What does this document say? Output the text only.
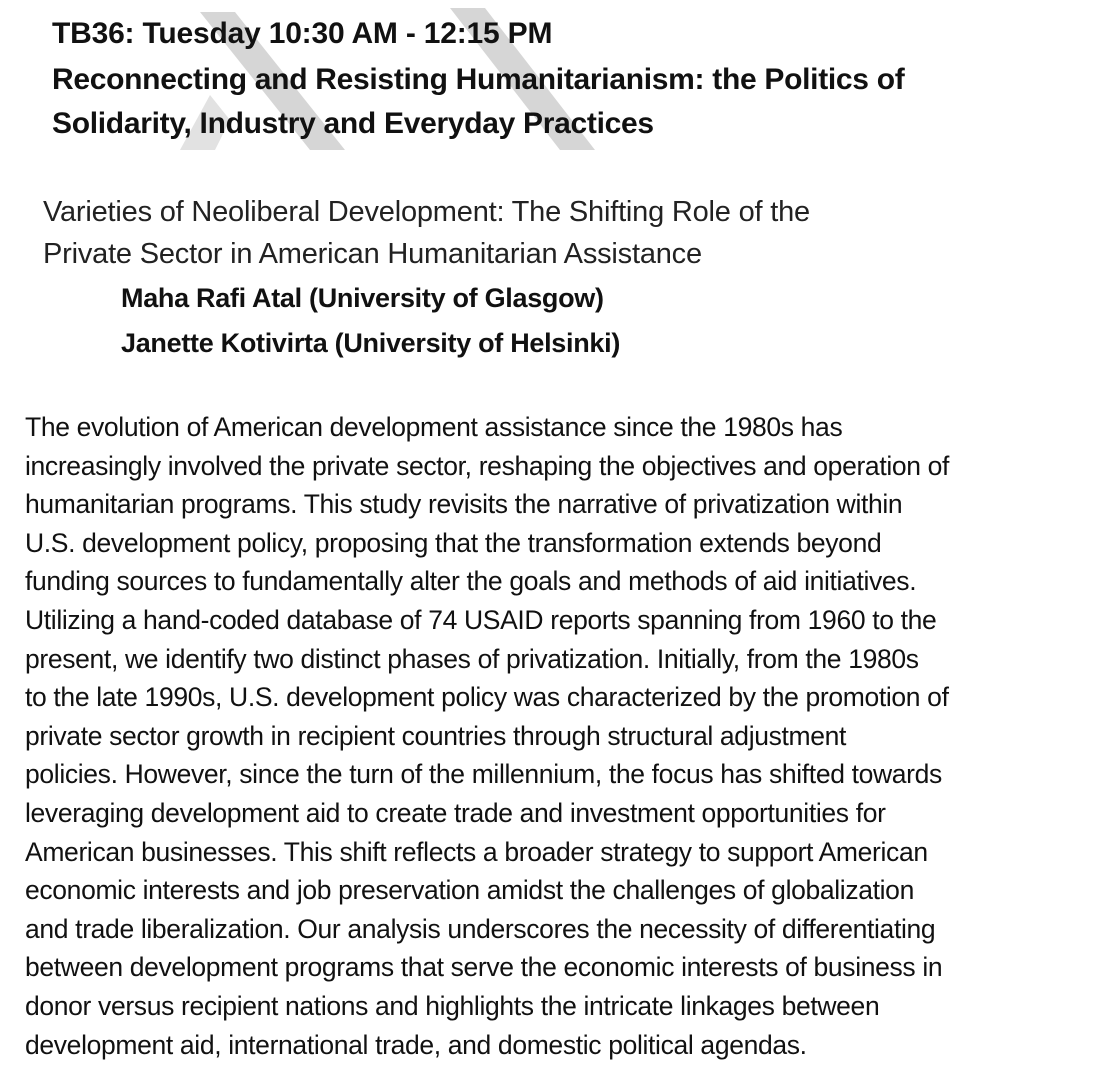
TB36: Tuesday 10:30 AM - 12:15 PM
Reconnecting and Resisting Humanitarianism: the Politics of
Solidarity, Industry and Everyday Practices
Varieties of Neoliberal Development: The Shifting Role of the
Private Sector in American Humanitarian Assistance
Maha Rafi Atal (University of Glasgow)
Janette Kotivirta (University of Helsinki)
The evolution of American development assistance since the 1980s has
increasingly involved the private sector, reshaping the objectives and operation of
humanitarian programs. This study revisits the narrative of privatization within
U.S. development policy, proposing that the transformation extends beyond
funding sources to fundamentally alter the goals and methods of aid initiatives.
Utilizing a hand-coded database of 74 USAID reports spanning from 1960 to the
present, we identify two distinct phases of privatization. Initially, from the 1980s
to the late 1990s, U.S. development policy was characterized by the promotion of
private sector growth in recipient countries through structural adjustment
policies. However, since the turn of the millennium, the focus has shifted towards
leveraging development aid to create trade and investment opportunities for
American businesses. This shift reflects a broader strategy to support American
economic interests and job preservation amidst the challenges of globalization
and trade liberalization. Our analysis underscores the necessity of differentiating
between development programs that serve the economic interests of business in
donor versus recipient nations and highlights the intricate linkages between
development aid, international trade, and domestic political agendas.
